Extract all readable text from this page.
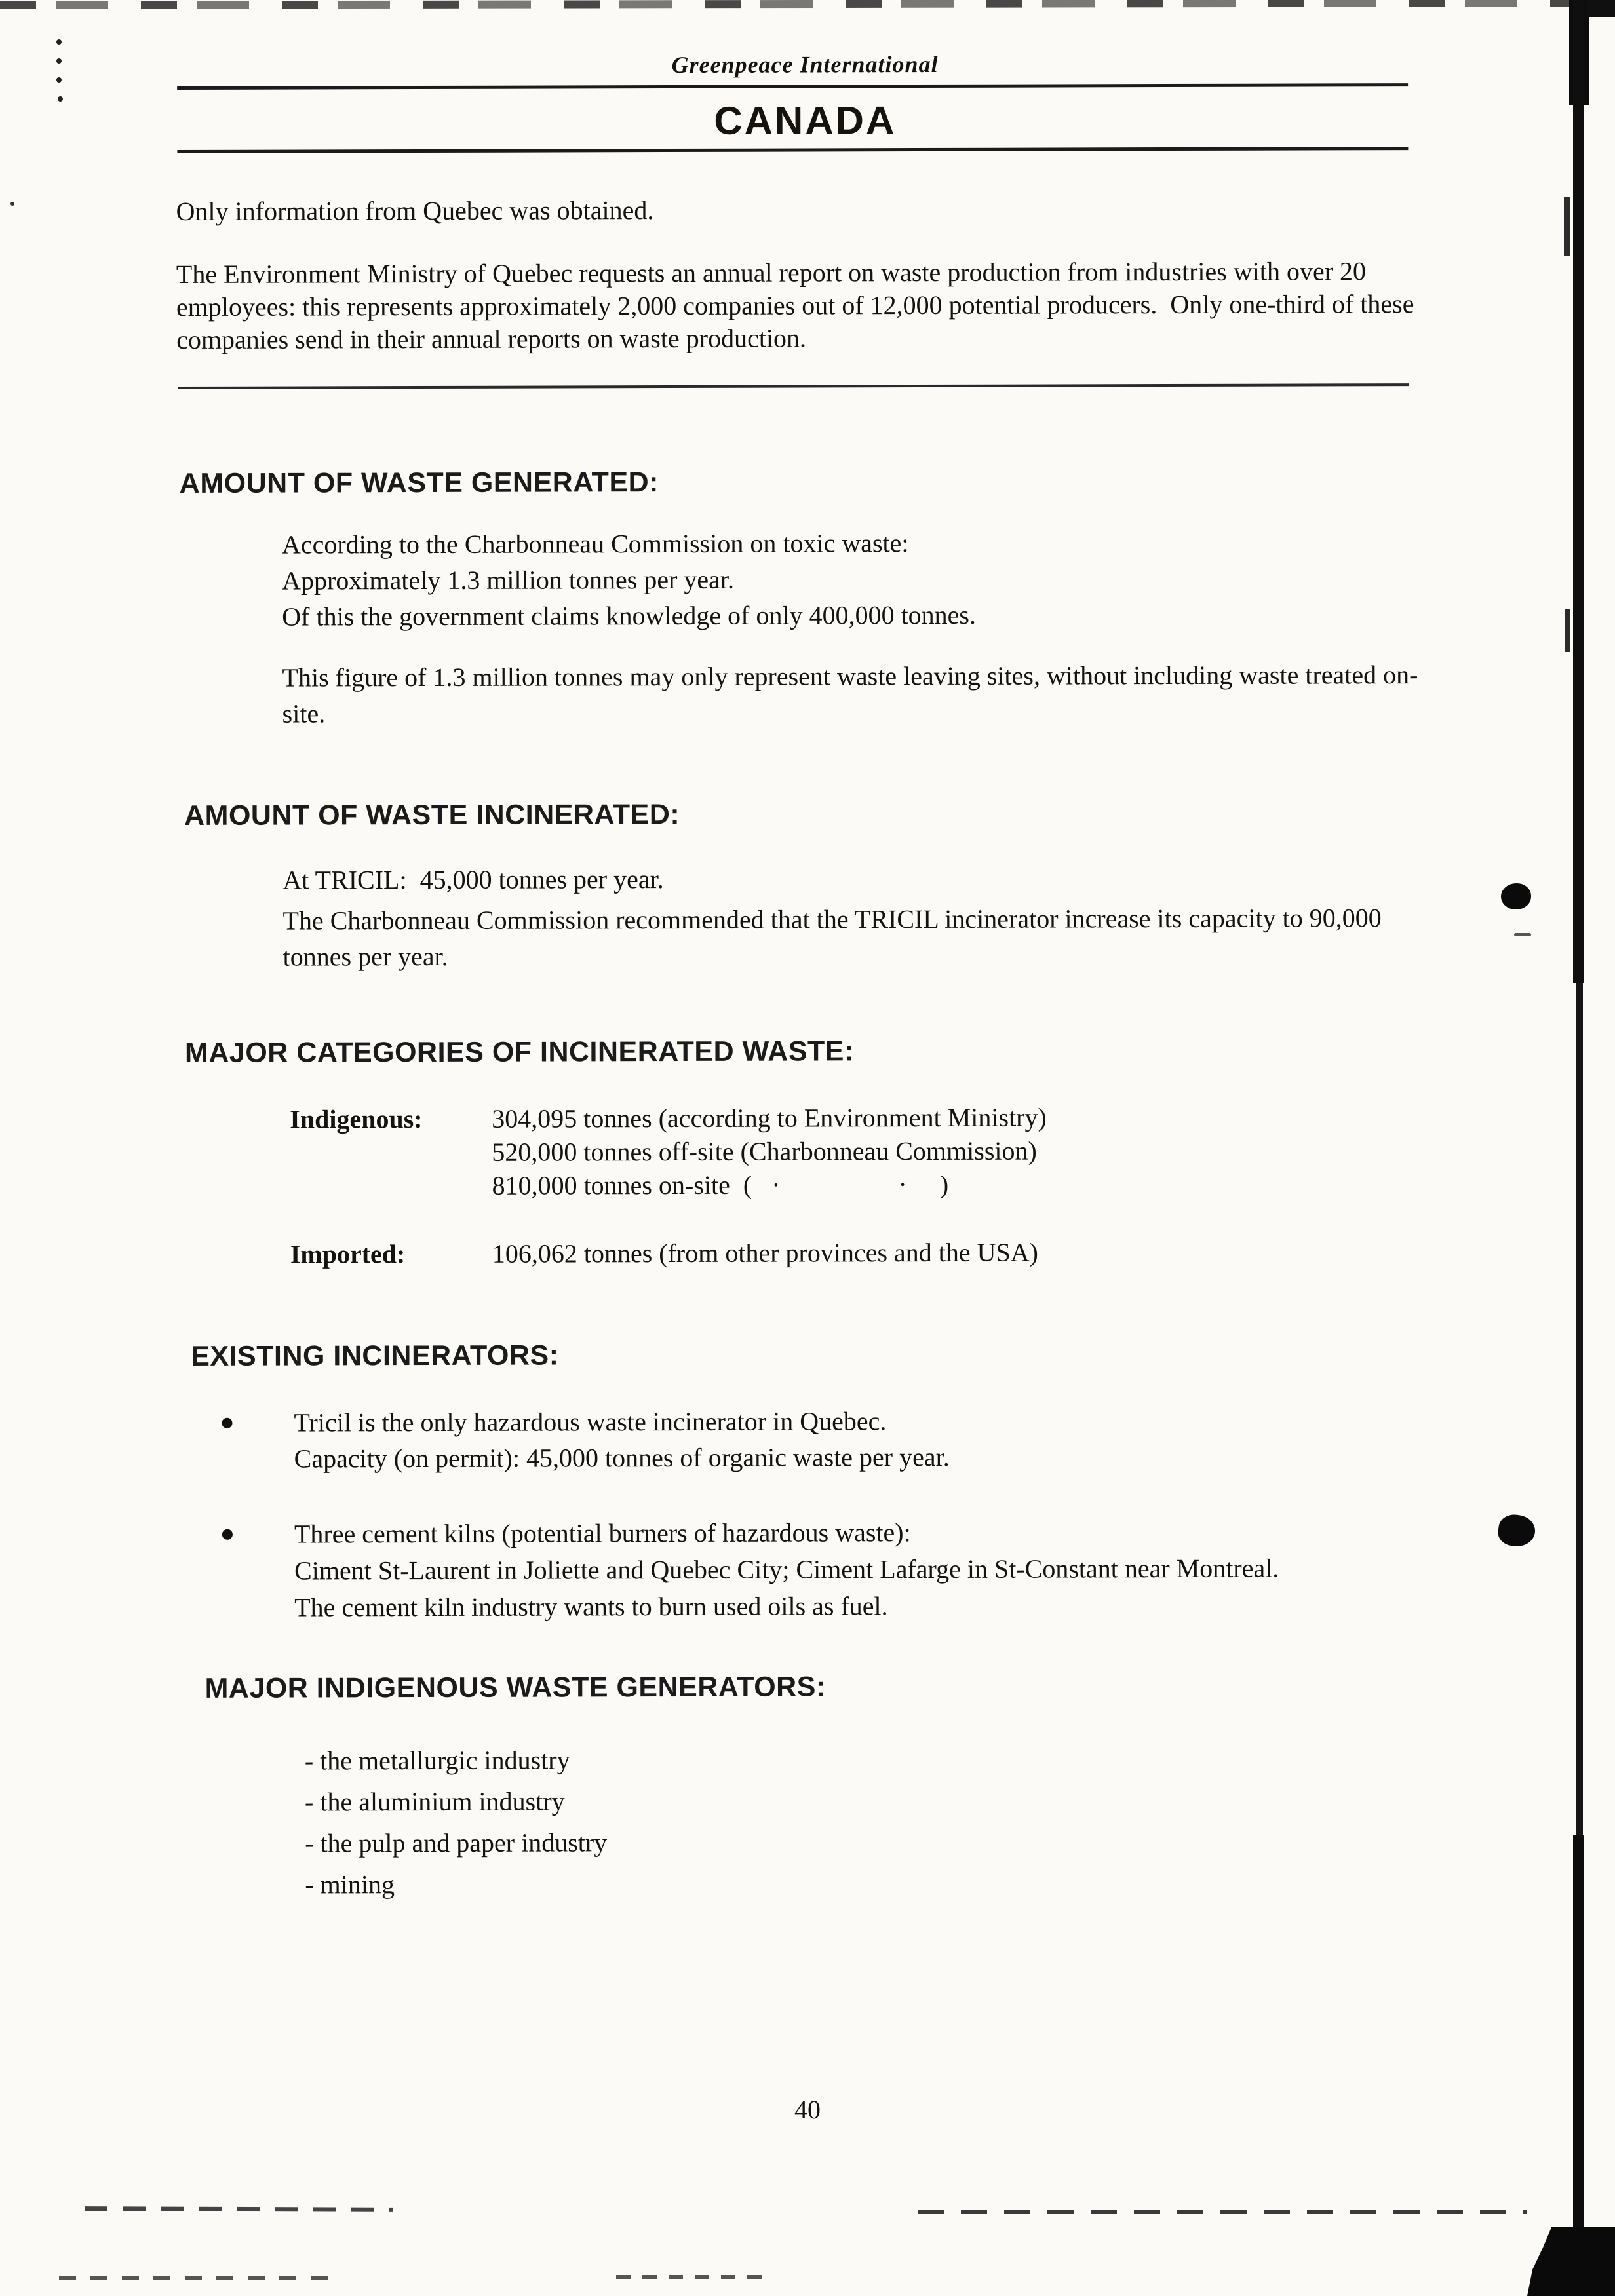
Greenpeace International
CANADA
Only information from Quebec was obtained.
The Environment Ministry of Quebec requests an annual report on waste production from industries with over 20 employees: this represents approximately 2,000 companies out of 12,000 potential producers.  Only one-third of these companies send in their annual reports on waste production.
AMOUNT OF WASTE GENERATED:
According to the Charbonneau Commission on toxic waste:
Approximately 1.3 million tonnes per year.
Of this the government claims knowledge of only 400,000 tonnes.
This figure of 1.3 million tonnes may only represent waste leaving sites, without including waste treated on-site.
AMOUNT OF WASTE INCINERATED:
At TRICIL:  45,000 tonnes per year.
The Charbonneau Commission recommended that the TRICIL incinerator increase its capacity to 90,000 tonnes per year.
MAJOR CATEGORIES OF INCINERATED WASTE:
Indigenous:	304,095 tonnes (according to Environment Ministry)
520,000 tonnes off-site (Charbonneau Commission)
810,000 tonnes on-site  (   ·                  ·     )
Imported:	106,062 tonnes (from other provinces and the USA)
EXISTING INCINERATORS:
Tricil is the only hazardous waste incinerator in Quebec.
Capacity (on permit): 45,000 tonnes of organic waste per year.
Three cement kilns (potential burners of hazardous waste):
Ciment St-Laurent in Joliette and Quebec City; Ciment Lafarge in St-Constant near Montreal.
The cement kiln industry wants to burn used oils as fuel.
MAJOR INDIGENOUS WASTE GENERATORS:
- the metallurgic industry
- the aluminium industry
- the pulp and paper industry
- mining
40
